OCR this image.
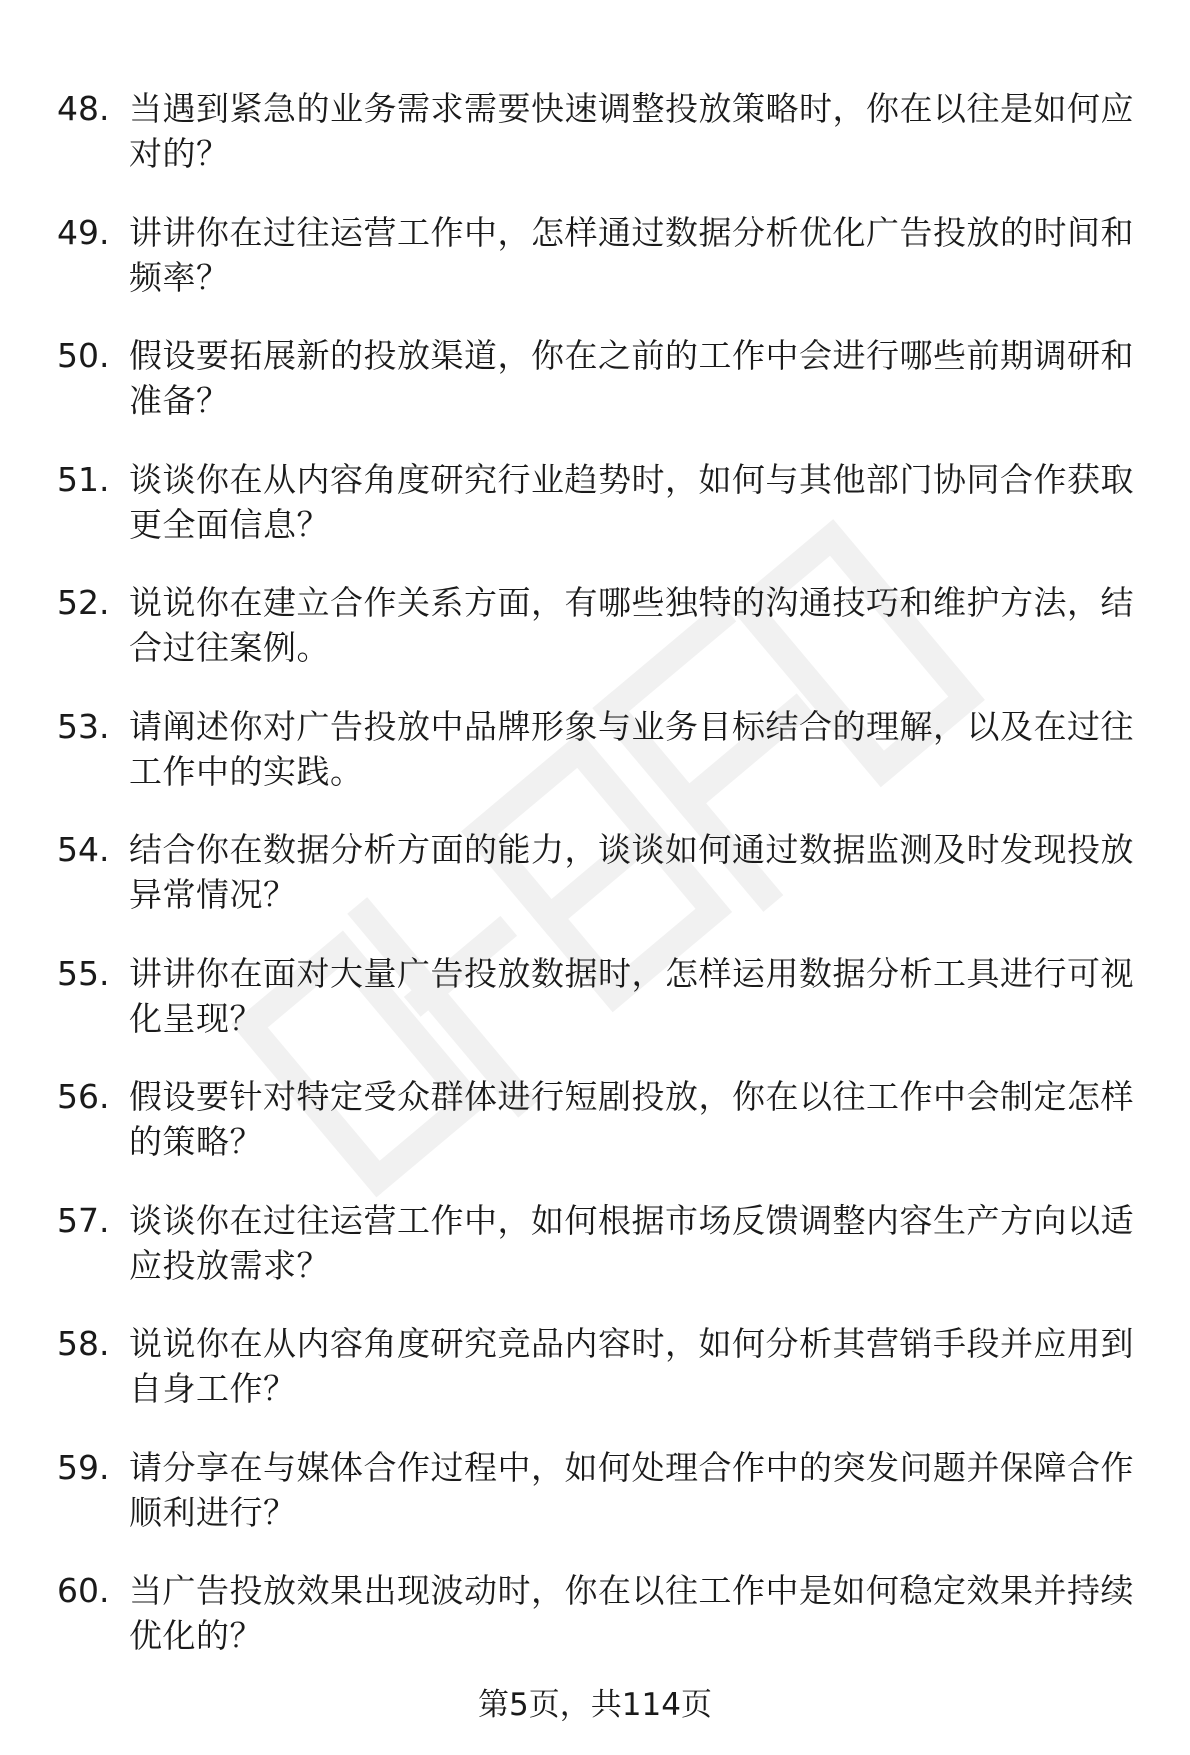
48. 当遇到紧急的业务需求需要快速调整投放策略时，你在以往是如何应对的？
49. 讲讲你在过往运营工作中，怎样通过数据分析优化广告投放的时间和频率？
50. 假设要拓展新的投放渠道，你在之前的工作中会进行哪些前期调研和准备？
51. 谈谈你在从内容角度研究行业趋势时，如何与其他部门协同合作获取更全面信息？
52. 说说你在建立合作关系方面，有哪些独特的沟通技巧和维护方法，结合过往案例。
53. 请阐述你对广告投放中品牌形象与业务目标结合的理解，以及在过往工作中的实践。
54. 结合你在数据分析方面的能力，谈谈如何通过数据监测及时发现投放异常情况？
55. 讲讲你在面对大量广告投放数据时，怎样运用数据分析工具进行可视化呈现？
56. 假设要针对特定受众群体进行短剧投放，你在以往工作中会制定怎样的策略？
57. 谈谈你在过往运营工作中，如何根据市场反馈调整内容生产方向以适应投放需求？
58. 说说你在从内容角度研究竞品内容时，如何分析其营销手段并应用到自身工作？
59. 请分享在与媒体合作过程中，如何处理合作中的突发问题并保障合作顺利进行？
60. 当广告投放效果出现波动时，你在以往工作中是如何稳定效果并持续优化的？
第5页，共114页
